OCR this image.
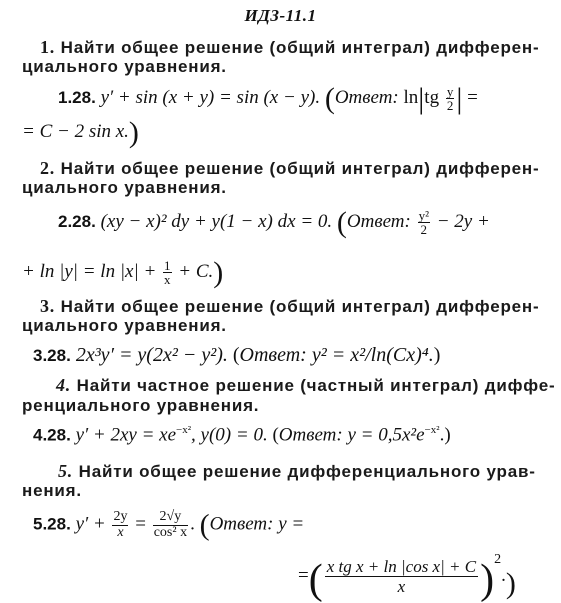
ИДЗ-11.1
1. Найти общее решение (общий интеграл) дифферен-
циального уравнения.
1.28. y′ + sin (x + y) = sin (x − y). (Ответ: $\ln|tg \frac{y}{2}$ | =
= C − 2 sin x.)
2. Найти общее решение (общий интеграл) дифферен-
циального уравнения.
2.28. (xy − x)² dy + y(1 − x) dx = 0. (Ответ: $\frac{\text{y²}}{2} - 2y$ +
+ $\ln |y| = \ln |x| + \frac{1}{x} + C$.)
3. Найти общее решение (общий интеграл) дифферен-
циального уравнения.
3.28. 2x³y′ = y(2x² − y²). (Ответ: y² = x²/ln(Cx)⁴.)
4. Найти частное решение (частный интеграл) диффе-
ренциального уравнения.
4.28. $y' + 2xy = xe^{-x^2}$, y(0) = 0. (Ответ: $y = 0,5x^2e^{-x^2}$.)
5. Найти общее решение дифференциального урав-
нения.
5.28. $y' + \frac{2y}{x} = \frac{2√y}{\text{cos² x}}$ . (Ответ: y =
=( $\frac{\text{x tg x + ln |cos x| + C}}{x} )^2$.)
